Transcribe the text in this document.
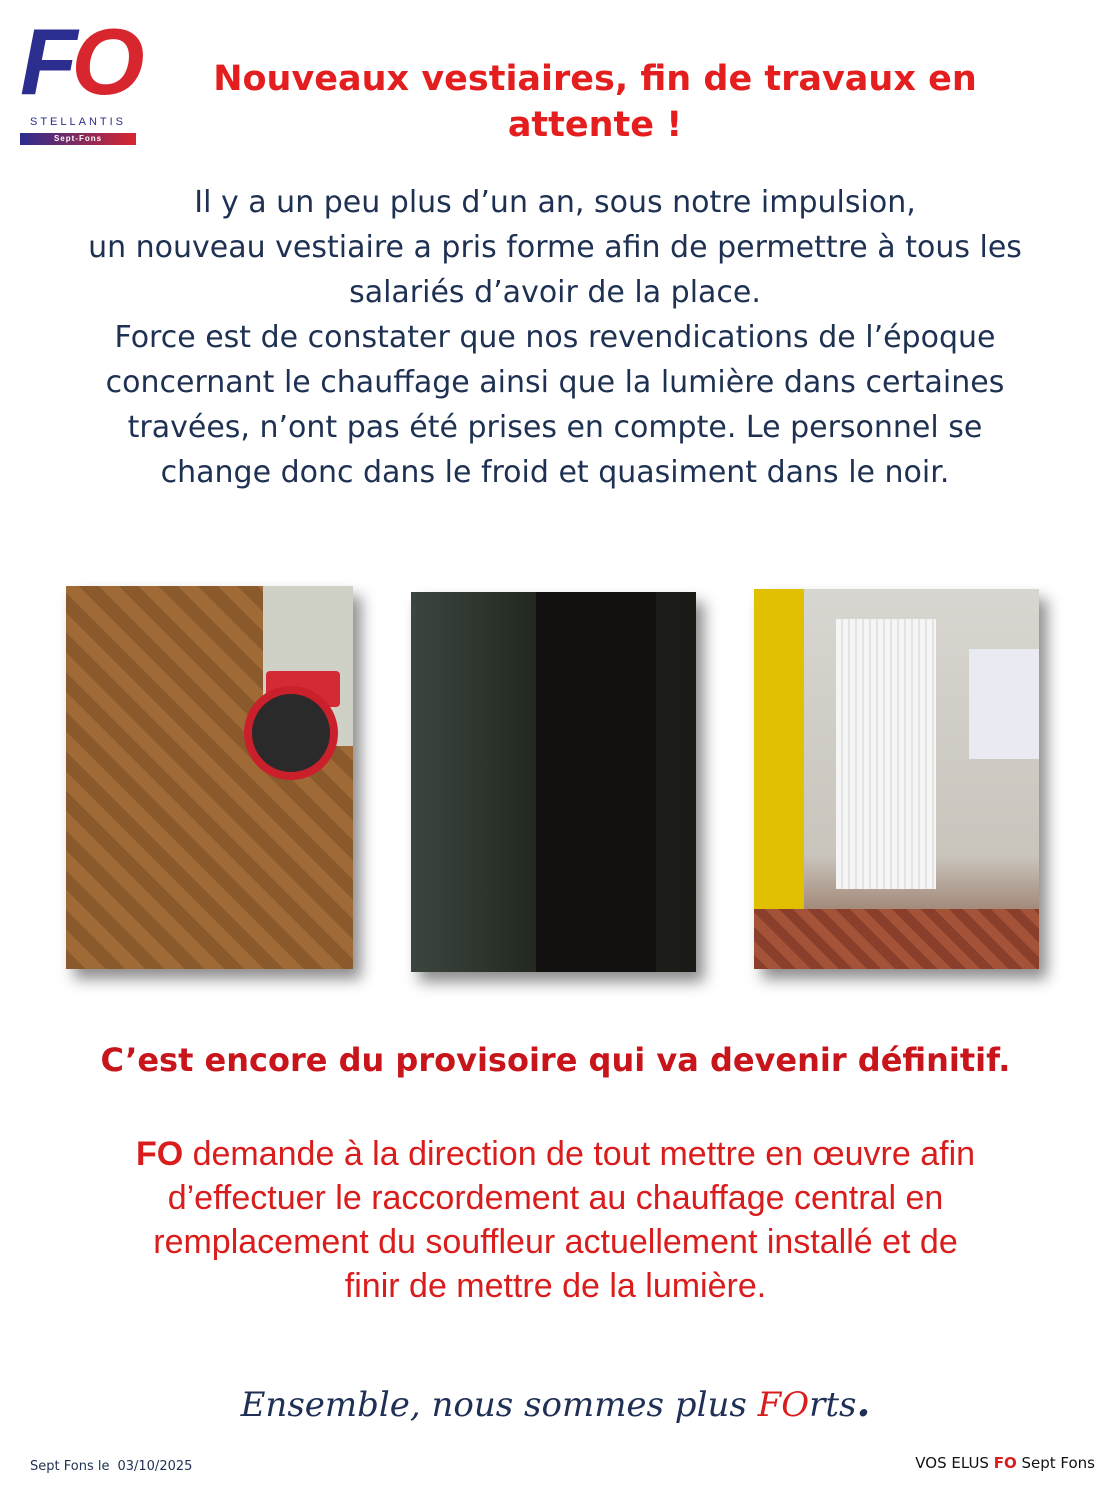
FO
STELLANTIS
Sept-Fons
Nouveaux vestiaires, fin de travaux en
attente !
Il y a un peu plus d’un an, sous notre impulsion,
un nouveau vestiaire a pris forme afin de permettre à tous les
salariés d’avoir de la place.
Force est de constater que nos revendications de l’époque
concernant le chauffage ainsi que la lumière dans certaines
travées, n’ont pas été prises en compte. Le personnel se
change donc dans le froid et quasiment dans le noir.

C’est encore du provisoire qui va devenir définitif.

FO demande à la direction de tout mettre en œuvre afin
d’effectuer le raccordement au chauffage central en
remplacement du souffleur actuellement installé et de
finir de mettre de la lumière.

Ensemble, nous sommes plus FOrts.

Sept Fons le 03/10/2025	VOS ELUS FO Sept Fons
